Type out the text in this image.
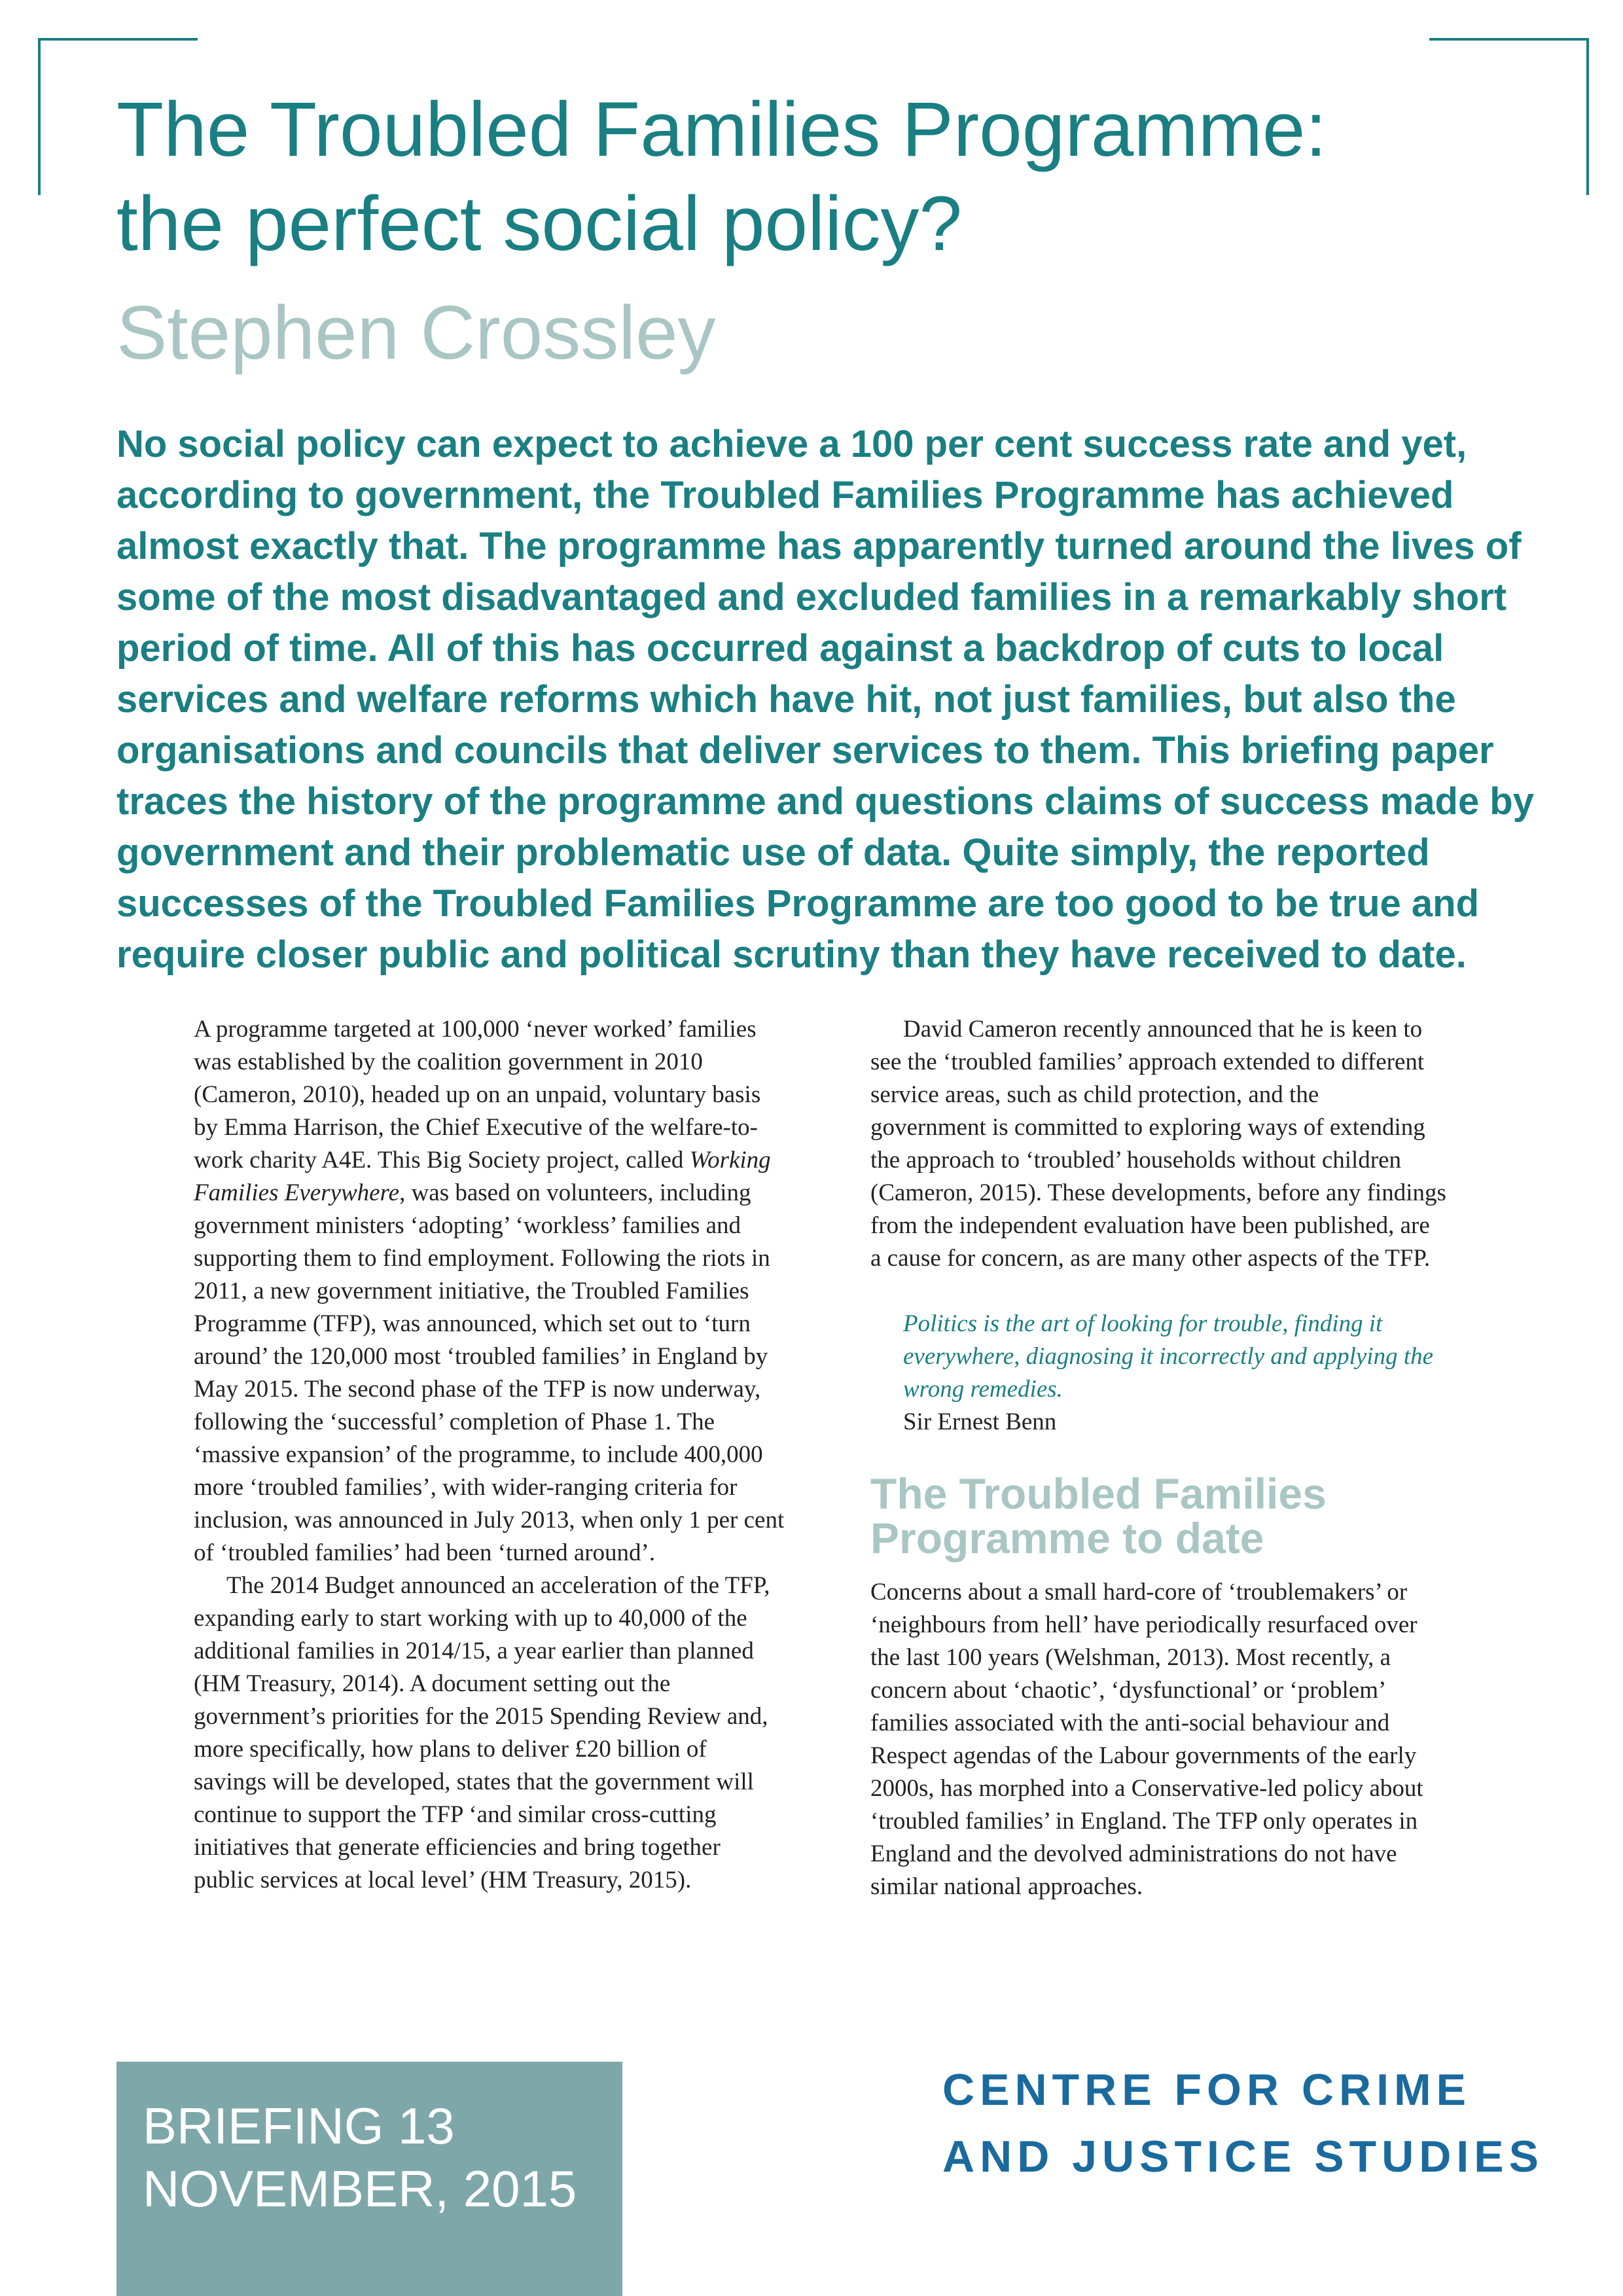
The Troubled Families Programme:
the perfect social policy?
Stephen Crossley
No social policy can expect to achieve a 100 per cent success rate and yet,
according to government, the Troubled Families Programme has achieved
almost exactly that. The programme has apparently turned around the lives of
some of the most disadvantaged and excluded families in a remarkably short
period of time. All of this has occurred against a backdrop of cuts to local
services and welfare reforms which have hit, not just families, but also the
organisations and councils that deliver services to them. This briefing paper
traces the history of the programme and questions claims of success made by
government and their problematic use of data. Quite simply, the reported
successes of the Troubled Families Programme are too good to be true and
require closer public and political scrutiny than they have received to date.

A programme targeted at 100,000 ‘never worked’ families
was established by the coalition government in 2010
(Cameron, 2010), headed up on an unpaid, voluntary basis
by Emma Harrison, the Chief Executive of the welfare-to-
work charity A4E. This Big Society project, called Working
Families Everywhere, was based on volunteers, including
government ministers ‘adopting’ ‘workless’ families and
supporting them to find employment. Following the riots in
2011, a new government initiative, the Troubled Families
Programme (TFP), was announced, which set out to ‘turn
around’ the 120,000 most ‘troubled families’ in England by
May 2015. The second phase of the TFP is now underway,
following the ‘successful’ completion of Phase 1. The
‘massive expansion’ of the programme, to include 400,000
more ‘troubled families’, with wider-ranging criteria for
inclusion, was announced in July 2013, when only 1 per cent
of ‘troubled families’ had been ‘turned around’.

The 2014 Budget announced an acceleration of the TFP,
expanding early to start working with up to 40,000 of the
additional families in 2014/15, a year earlier than planned
(HM Treasury, 2014). A document setting out the
government’s priorities for the 2015 Spending Review and,
more specifically, how plans to deliver £20 billion of
savings will be developed, states that the government will
continue to support the TFP ‘and similar cross-cutting
initiatives that generate efficiencies and bring together
public services at local level’ (HM Treasury, 2015).

David Cameron recently announced that he is keen to
see the ‘troubled families’ approach extended to different
service areas, such as child protection, and the
government is committed to exploring ways of extending
the approach to ‘troubled’ households without children
(Cameron, 2015). These developments, before any findings
from the independent evaluation have been published, are
a cause for concern, as are many other aspects of the TFP.

Politics is the art of looking for trouble, finding it
everywhere, diagnosing it incorrectly and applying the
wrong remedies.

Sir Ernest Benn

The Troubled Families
Programme to date

Concerns about a small hard-core of ‘troublemakers’ or
‘neighbours from hell’ have periodically resurfaced over
the last 100 years (Welshman, 2013). Most recently, a
concern about ‘chaotic’, ‘dysfunctional’ or ‘problem’
families associated with the anti-social behaviour and
Respect agendas of the Labour governments of the early
2000s, has morphed into a Conservative-led policy about
‘troubled families’ in England. The TFP only operates in
England and the devolved administrations do not have
similar national approaches.

BRIEFING 13
NOVEMBER, 2015
CENTRE FOR CRIME
AND JUSTICE STUDIES
